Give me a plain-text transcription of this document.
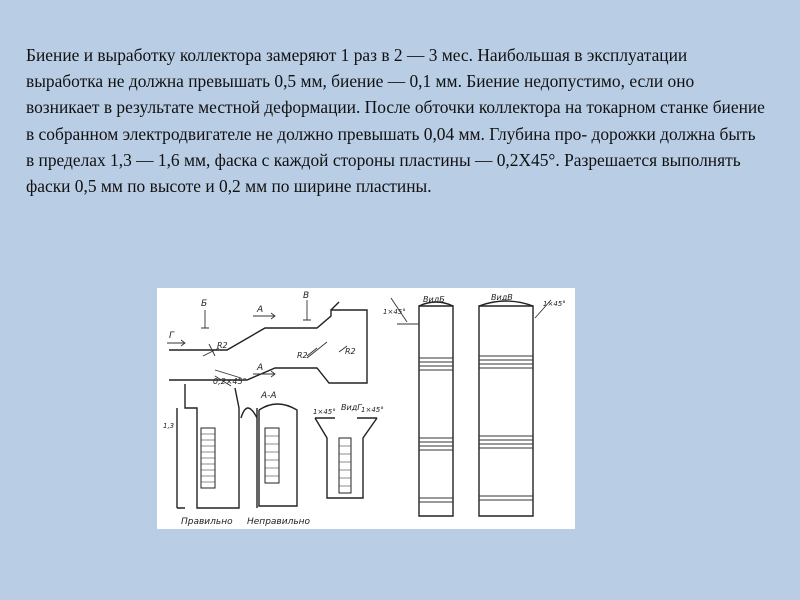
Биение и выработку коллектора замеряют 1 раз в 2 — 3 мес. Наибольшая в эксплуатации выработка не должна превышать 0,5 мм, биение — 0,1 мм. Биение недопустимо, если оно возникает в результате местной деформации. После обточки коллектора на токарном станке биение в собранном электродвигателе не должно превышать 0,04 мм. Глубина про- дорожки должна быть в пределах 1,3 — 1,6 мм, фаска с каждой стороны пластины — 0,2Х45°. Разрешается выполнять фаски 0,5 мм по высоте и 0,2 мм по ширине пластины.

Б
А
В
Г
R2
R2	R2
А
0,2×45°
А-А
1,3
ВидГ
1×45°	1×45°
ВидБ	ВидВ
1×45°
1×45°
Правильно Неправильно
